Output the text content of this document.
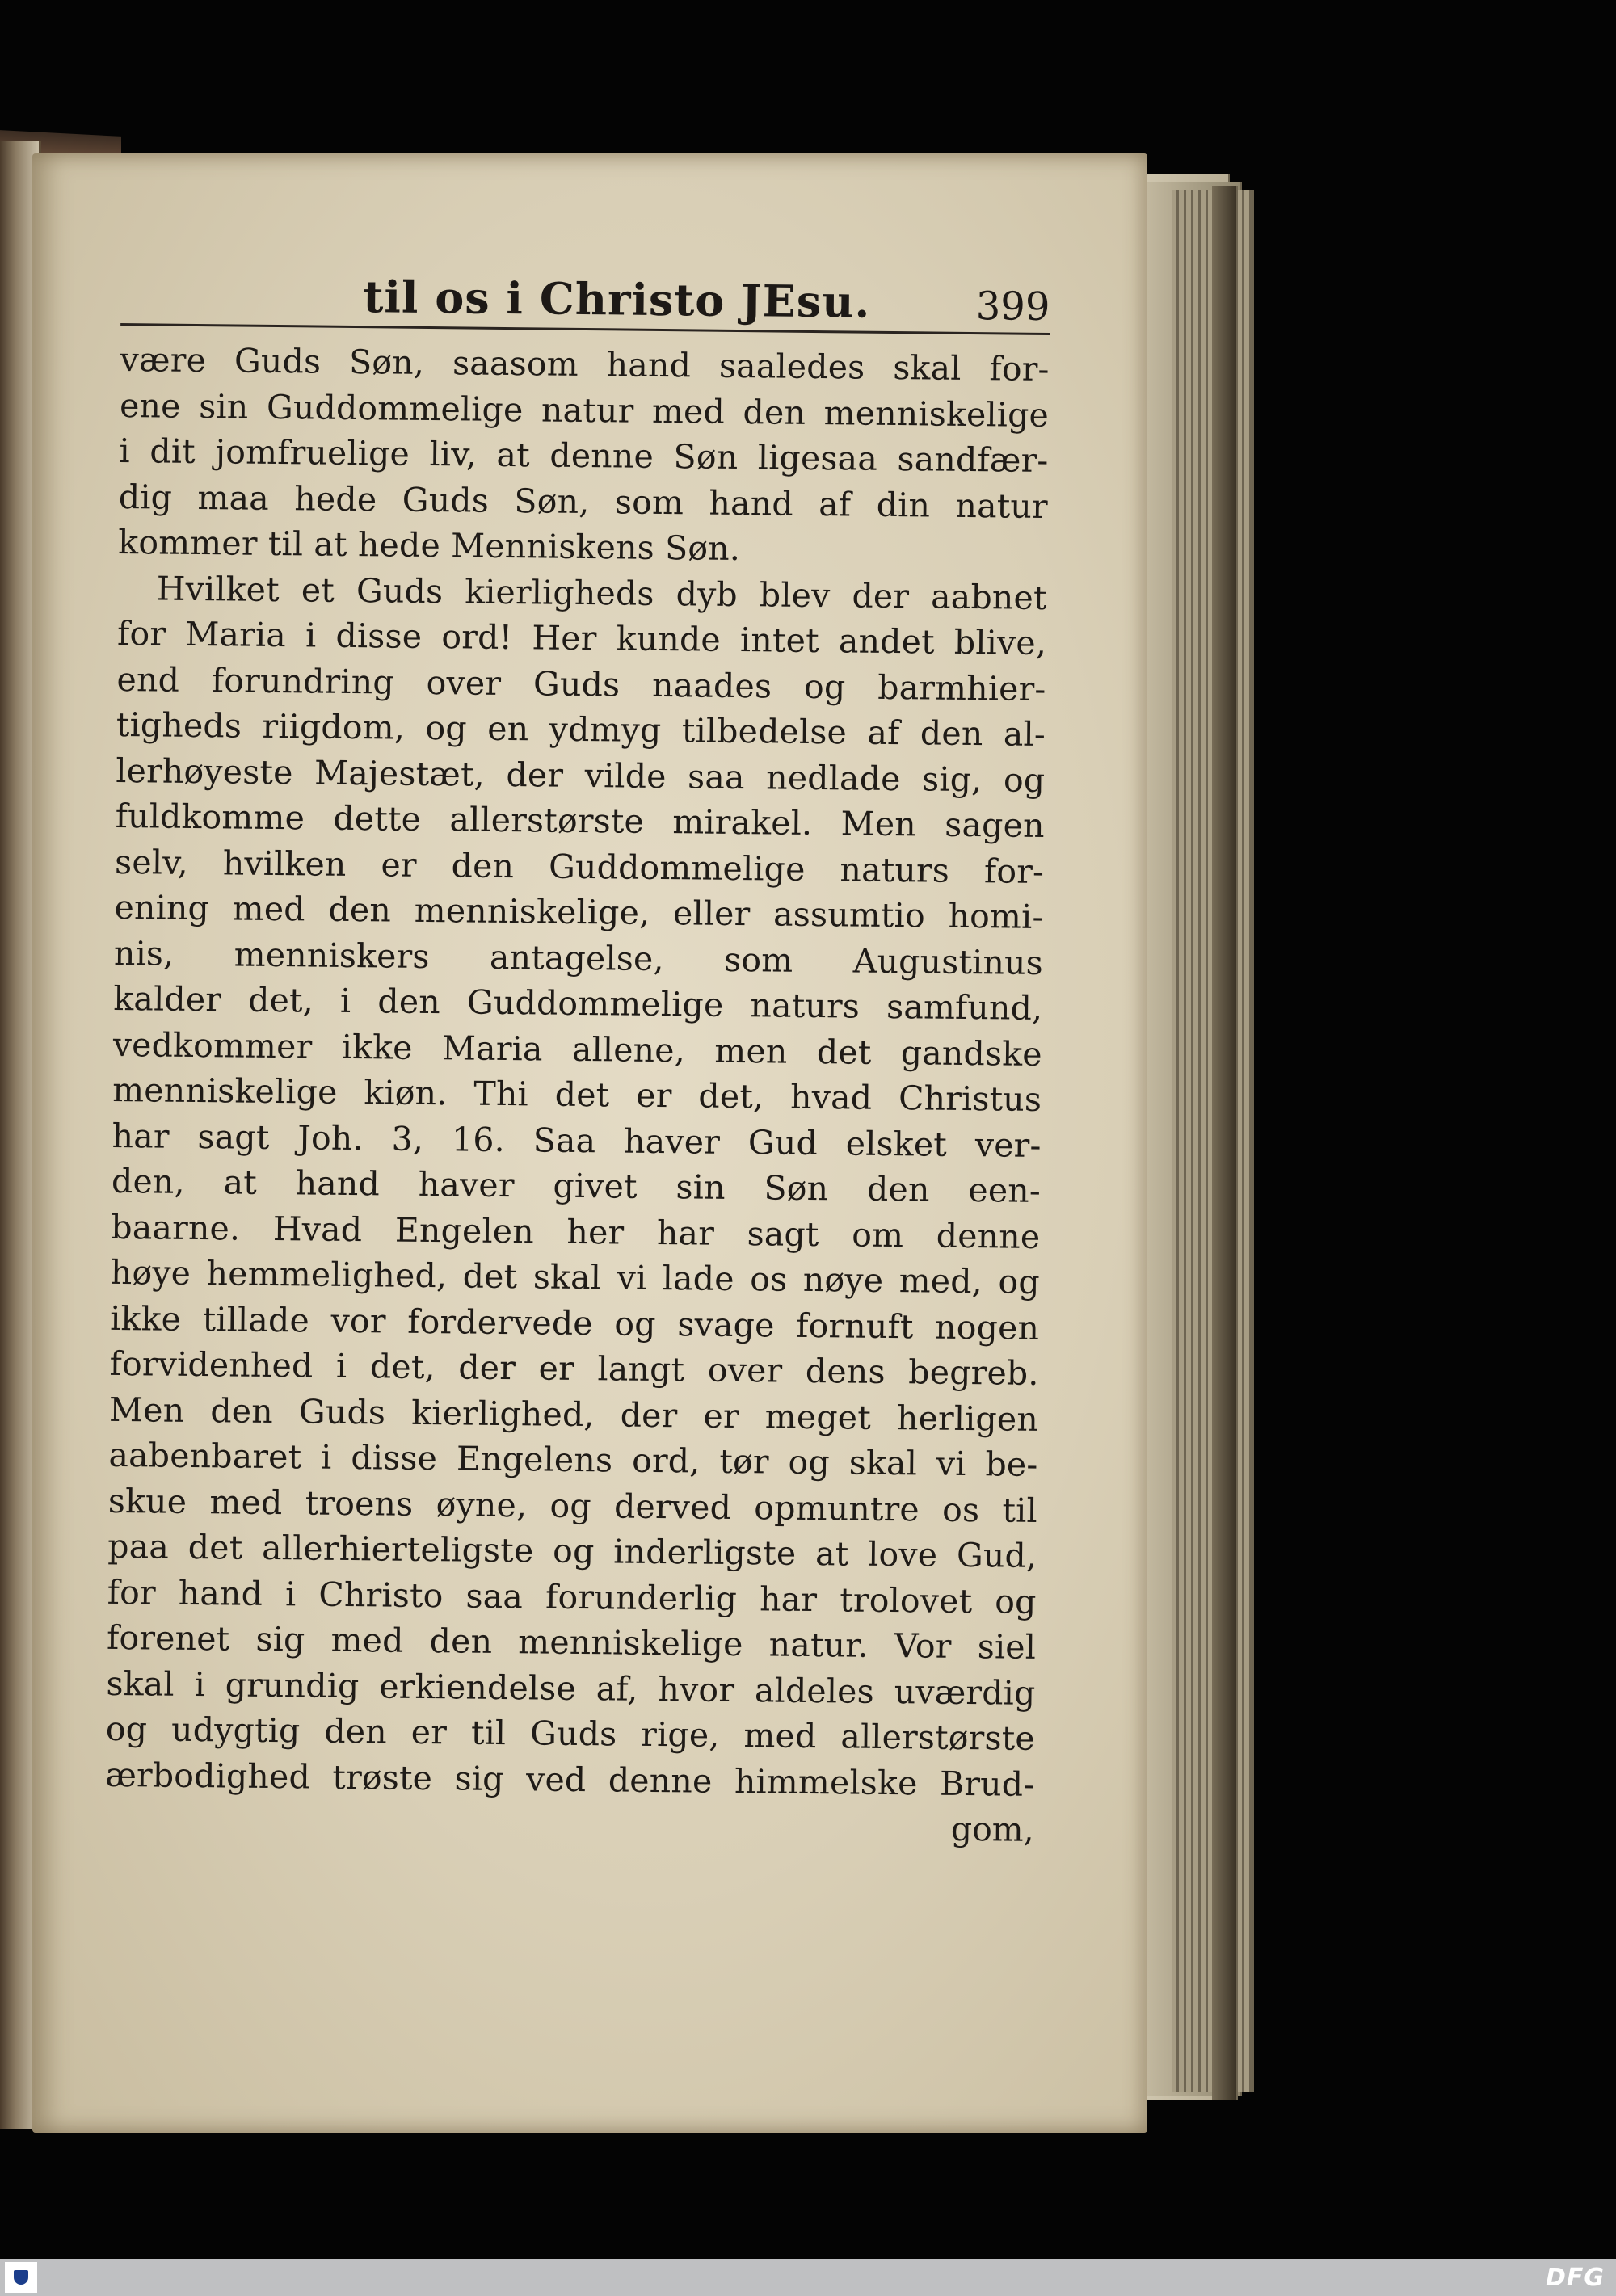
til os i Christo JEsu.	399
være Guds Søn, saasom hand saaledes skal for-
ene sin Guddommelige natur med den menniskelige
i dit jomfruelige liv, at denne Søn ligesaa sandfær-
dig maa hede Guds Søn, som hand af din natur
kommer til at hede Menniskens Søn.
Hvilket et Guds kierligheds dyb blev der aabnet
for Maria i disse ord! Her kunde intet andet blive,
end forundring over Guds naades og barmhier-
tigheds riigdom, og en ydmyg tilbedelse af den al-
lerhøyeste Majestæt, der vilde saa nedlade sig, og
fuldkomme dette allerstørste mirakel. Men sagen
selv, hvilken er den Guddommelige naturs for-
ening med den menniskelige, eller assumtio homi-
nis, menniskers antagelse, som Augustinus
kalder det, i den Guddommelige naturs samfund,
vedkommer ikke Maria allene, men det gandske
menniskelige kiøn. Thi det er det, hvad Christus
har sagt Joh. 3, 16. Saa haver Gud elsket ver-
den, at hand haver givet sin Søn den een-
baarne. Hvad Engelen her har sagt om denne
høye hemmelighed, det skal vi lade os nøye med, og
ikke tillade vor fordervede og svage fornuft nogen
forvidenhed i det, der er langt over dens begreb.
Men den Guds kierlighed, der er meget herligen
aabenbaret i disse Engelens ord, tør og skal vi be-
skue med troens øyne, og derved opmuntre os til
paa det allerhierteligste og inderligste at love Gud,
for hand i Christo saa forunderlig har trolovet og
forenet sig med den menniskelige natur. Vor siel
skal i grundig erkiendelse af, hvor aldeles uværdig
og udygtig den er til Guds rige, med allerstørste
ærbodighed trøste sig ved denne himmelske Brud-
gom,
DFG
